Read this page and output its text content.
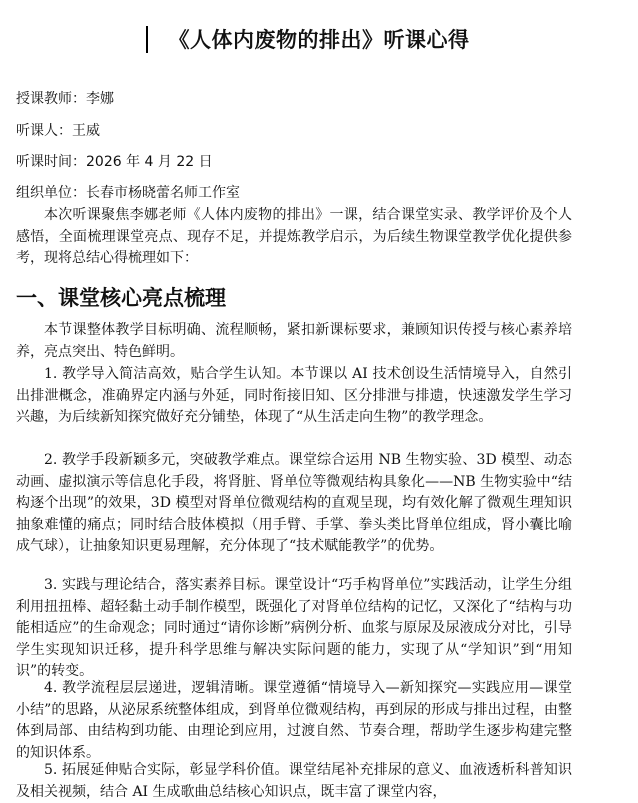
《人体内废物的排出》听课心得
授课教师：李娜
听课人：王威
听课时间：2026 年 4 月 22 日
组织单位：长春市杨晓蕾名师工作室

本次听课聚焦李娜老师《人体内废物的排出》一课，结合课堂实录、教学评价及个人感悟，全面梳理课堂亮点、现存不足，并提炼教学启示，为后续生物课堂教学优化提供参考，现将总结心得梳理如下：

一、课堂核心亮点梳理

本节课整体教学目标明确、流程顺畅，紧扣新课标要求，兼顾知识传授与核心素养培养，亮点突出、特色鲜明。

1. 教学导入简洁高效，贴合学生认知。本节课以 AI 技术创设生活情境导入，自然引出排泄概念，准确界定内涵与外延，同时衔接旧知、区分排泄与排遗，快速激发学生学习兴趣，为后续新知探究做好充分铺垫，体现了“从生活走向生物”的教学理念。

2. 教学手段新颖多元，突破教学难点。课堂综合运用 NB 生物实验、3D 模型、动态动画、虚拟演示等信息化手段，将肾脏、肾单位等微观结构具象化——NB 生物实验中“结构逐个出现”的效果，3D 模型对肾单位微观结构的直观呈现，均有效化解了微观生理知识抽象难懂的痛点；同时结合肢体模拟（用手臂、手掌、拳头类比肾单位组成，肾小囊比喻成气球），让抽象知识更易理解，充分体现了“技术赋能教学”的优势。

3. 实践与理论结合，落实素养目标。课堂设计“巧手构肾单位”实践活动，让学生分组利用扭扭棒、超轻黏土动手制作模型，既强化了对肾单位结构的记忆，又深化了“结构与功能相适应”的生命观念；同时通过“请你诊断”病例分析、血浆与原尿及尿液成分对比，引导学生实现知识迁移，提升科学思维与解决实际问题的能力，实现了从“学知识”到“用知识”的转变。

4. 教学流程层层递进，逻辑清晰。课堂遵循“情境导入—新知探究—实践应用—课堂小结”的思路，从泌尿系统整体组成，到肾单位微观结构，再到尿的形成与排出过程，由整体到局部、由结构到功能、由理论到应用，过渡自然、节奏合理，帮助学生逐步构建完整的知识体系。

5. 拓展延伸贴合实际，彰显学科价值。课堂结尾补充排尿的意义、血液透析科普知识及相关视频，结合 AI 生成歌曲总结核心知识点，既丰富了课堂内容，
